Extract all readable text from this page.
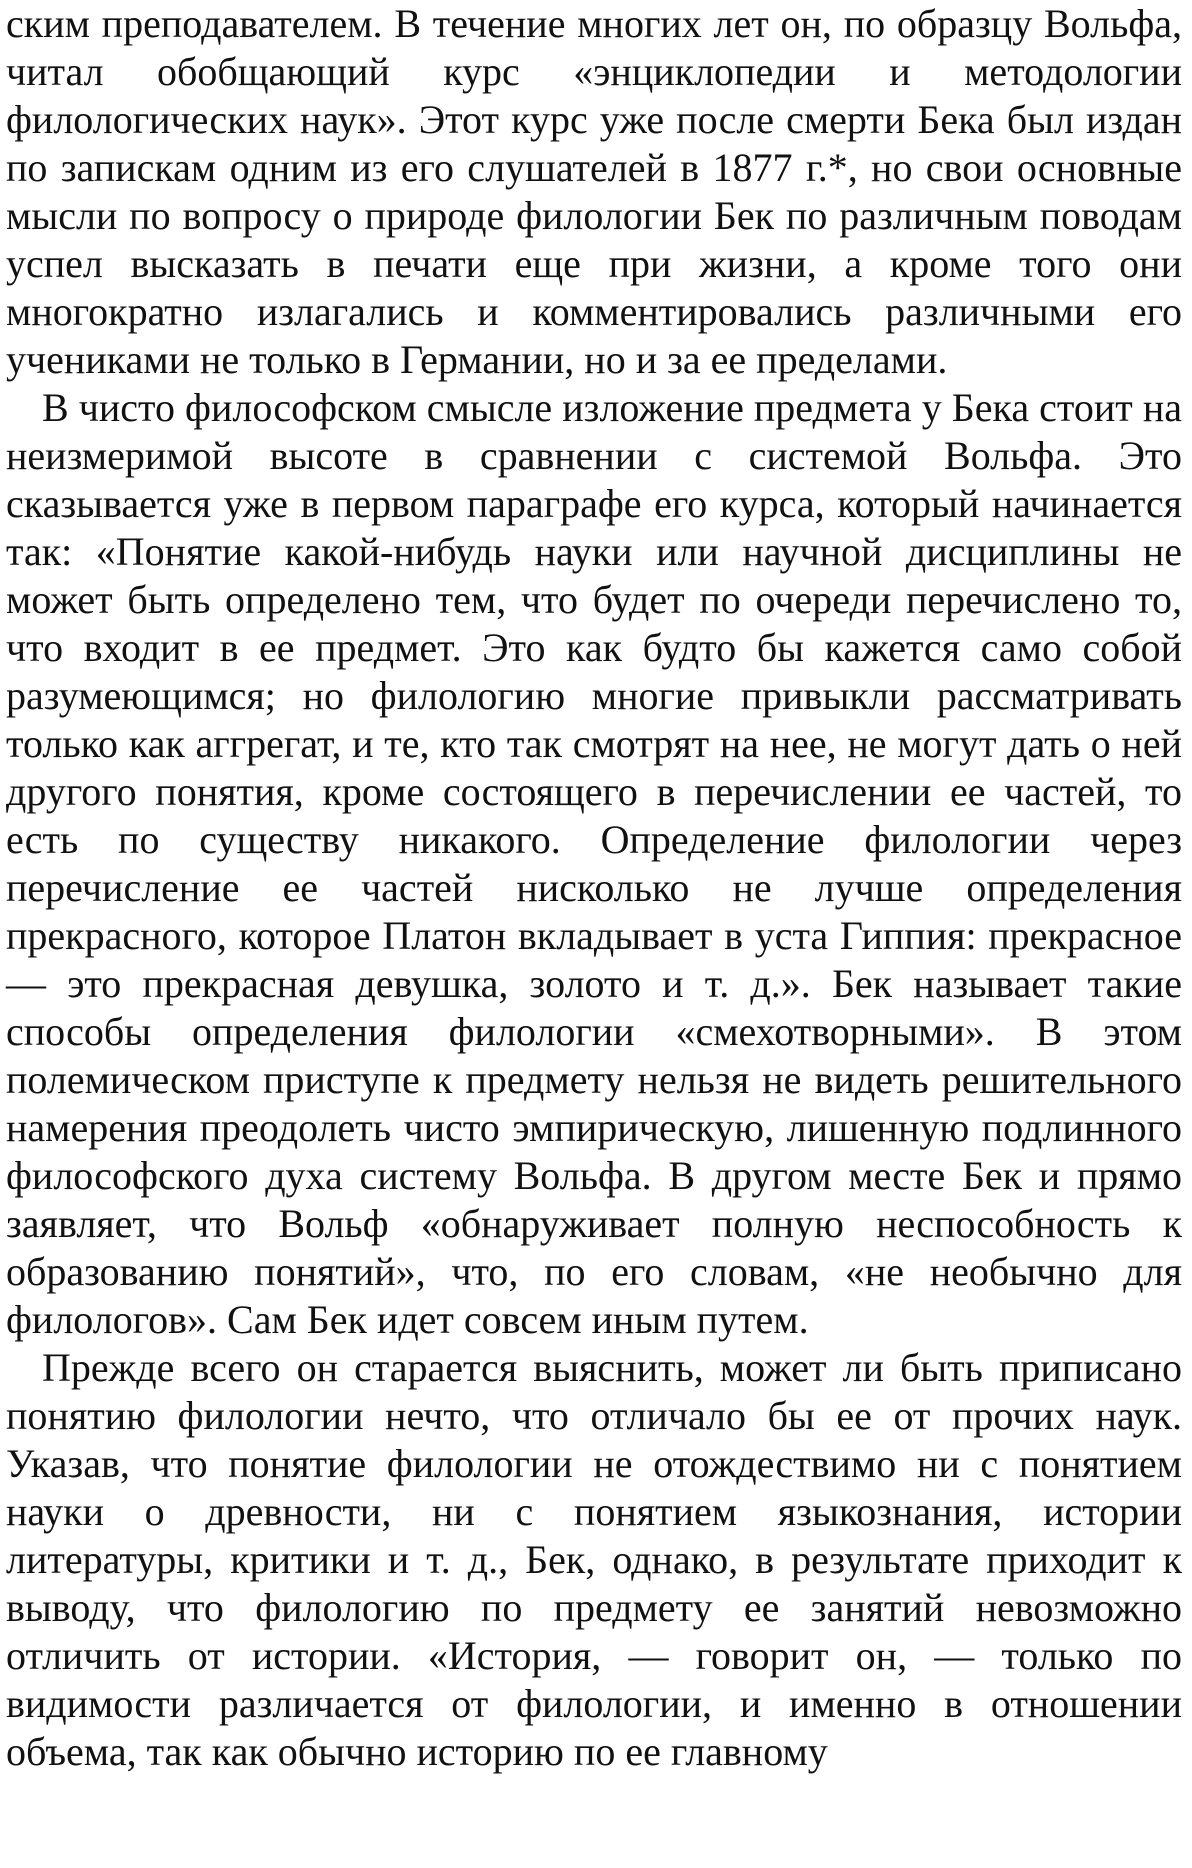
ским преподавателем. В течение многих лет он, по образцу Вольфа, читал обобщающий курс «энциклопедии и методологии филологических наук». Этот курс уже после смерти Бека был издан по запискам одним из его слушателей в 1877 г.*, но свои основные мысли по вопросу о природе филологии Бек по различным поводам успел высказать в печати еще при жизни, а кроме того они многократно излагались и комментировались различными его учениками не только в Германии, но и за ее пределами.

В чисто философском смысле изложение предмета у Бека стоит на неизмеримой высоте в сравнении с системой Вольфа. Это сказывается уже в первом параграфе его курса, который начинается так: «Понятие какой-нибудь науки или научной дисциплины не может быть определено тем, что будет по очереди перечислено то, что входит в ее предмет. Это как будто бы кажется само собой разумеющимся; но филологию многие привыкли рассматривать только как аггрегат, и те, кто так смотрят на нее, не могут дать о ней другого понятия, кроме состоящего в перечислении ее частей, то есть по существу никакого. Определение филологии через перечисление ее частей нисколько не лучше определения прекрасного, которое Платон вкладывает в уста Гиппия: прекрасное — это прекрасная девушка, золото и т. д.». Бек называет такие способы определения филологии «смехотворными». В этом полемическом приступе к предмету нельзя не видеть решительного намерения преодолеть чисто эмпирическую, лишенную подлинного философского духа систему Вольфа. В другом месте Бек и прямо заявляет, что Вольф «обнаруживает полную неспособность к образованию понятий», что, по его словам, «не необычно для филологов». Сам Бек идет совсем иным путем.

Прежде всего он старается выяснить, может ли быть приписано понятию филологии нечто, что отличало бы ее от прочих наук. Указав, что понятие филологии не отождествимо ни с понятием науки о древности, ни с понятием языкознания, истории литературы, критики и т. д., Бек, однако, в результате приходит к выводу, что филологию по предмету ее занятий невозможно отличить от истории. «История, — говорит он, — только по видимости различается от филологии, и именно в отношении объема, так как обычно историю по ее главному
